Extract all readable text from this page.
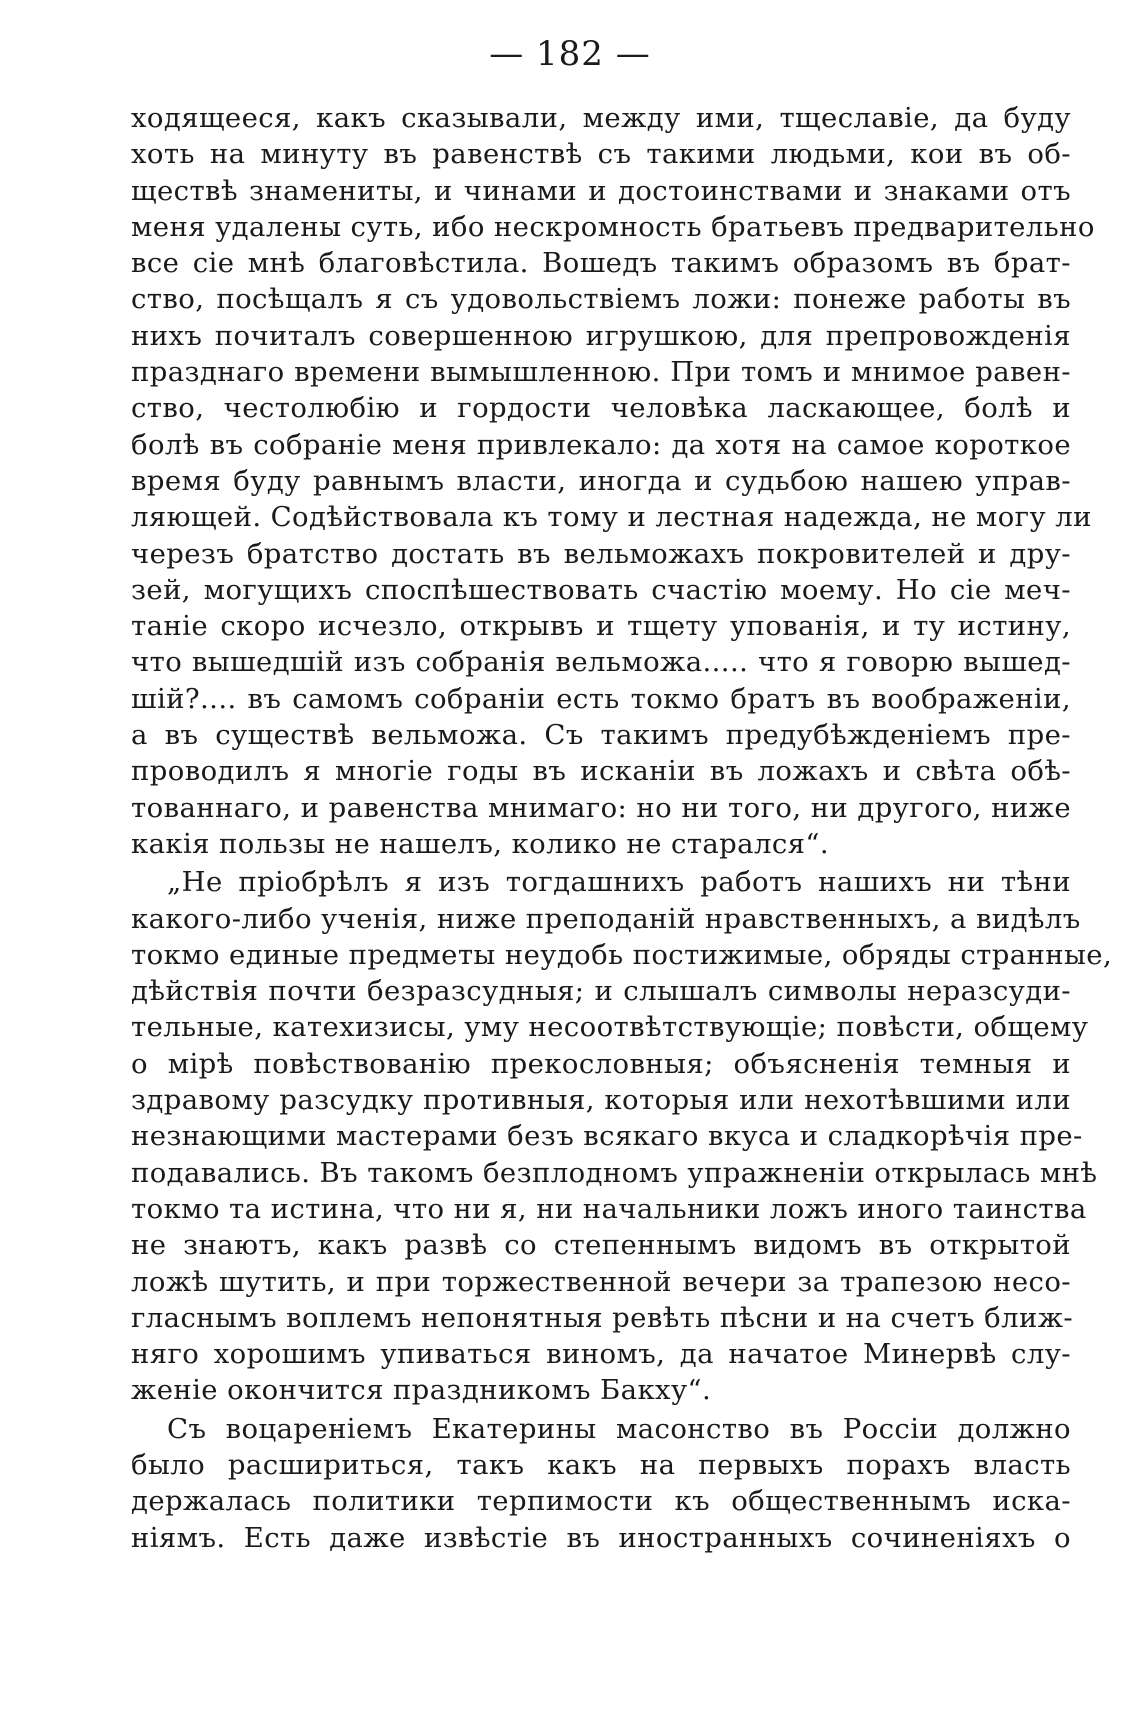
— 182 —
ходящееся, какъ сказывали, между ими, тщеславіе, да буду
хоть на минуту въ равенствѣ съ такими людьми, кои въ об-
ществѣ знамениты, и чинами и достоинствами и знаками отъ
меня удалены суть, ибо нескромность братьевъ предварительно
все сіе мнѣ благовѣстила. Вошедъ такимъ образомъ въ брат-
ство, посѣщалъ я съ удовольствіемъ ложи: понеже работы въ
нихъ почиталъ совершенною игрушкою, для препровожденія
празднаго времени вымышленною. При томъ и мнимое равен-
ство, честолюбію и гордости человѣка ласкающее, болѣ и
болѣ въ собраніе меня привлекало: да хотя на самое короткое
время буду равнымъ власти, иногда и судьбою нашею управ-
ляющей. Содѣйствовала къ тому и лестная надежда, не могу ли
черезъ братство достать въ вельможахъ покровителей и дру-
зей, могущихъ споспѣшествовать счастію моему. Но сіе меч-
таніе скоро исчезло, открывъ и тщету упованія, и ту истину,
что вышедшій изъ собранія вельможа..... что я говорю вышед-
шій?.... въ самомъ собраніи есть токмо братъ въ воображеніи,
а въ существѣ вельможа. Съ такимъ предубѣжденіемъ пре-
проводилъ я многіе годы въ исканіи въ ложахъ и свѣта обѣ-
тованнаго, и равенства мнимаго: но ни того, ни другого, ниже
какія пользы не нашелъ, колико не старался“.
„Не пріобрѣлъ я изъ тогдашнихъ работъ нашихъ ни тѣни
какого-либо ученія, ниже преподаній нравственныхъ, а видѣлъ
токмо единые предметы неудобь постижимые, обряды странные,
дѣйствія почти безразсудныя; и слышалъ символы неразсуди-
тельные, катехизисы, уму несоотвѣтствующіе; повѣсти, общему
о мірѣ повѣствованію прекословныя; объясненія темныя и
здравому разсудку противныя, которыя или нехотѣвшими или
незнающими мастерами безъ всякаго вкуса и сладкорѣчія пре-
подавались. Въ такомъ безплодномъ упражненіи открылась мнѣ
токмо та истина, что ни я, ни начальники ложъ иного таинства
не знаютъ, какъ развѣ со степеннымъ видомъ въ открытой
ложѣ шутить, и при торжественной вечери за трапезою несо-
гласнымъ воплемъ непонятныя ревѣть пѣсни и на счетъ ближ-
няго хорошимъ упиваться виномъ, да начатое Минервѣ слу-
женіе окончится праздникомъ Бакху“.
Съ воцареніемъ Екатерины масонство въ Россіи должно
было расшириться, такъ какъ на первыхъ порахъ власть
держалась политики терпимости къ общественнымъ иска-
ніямъ. Есть даже извѣстіе въ иностранныхъ сочиненіяхъ о
